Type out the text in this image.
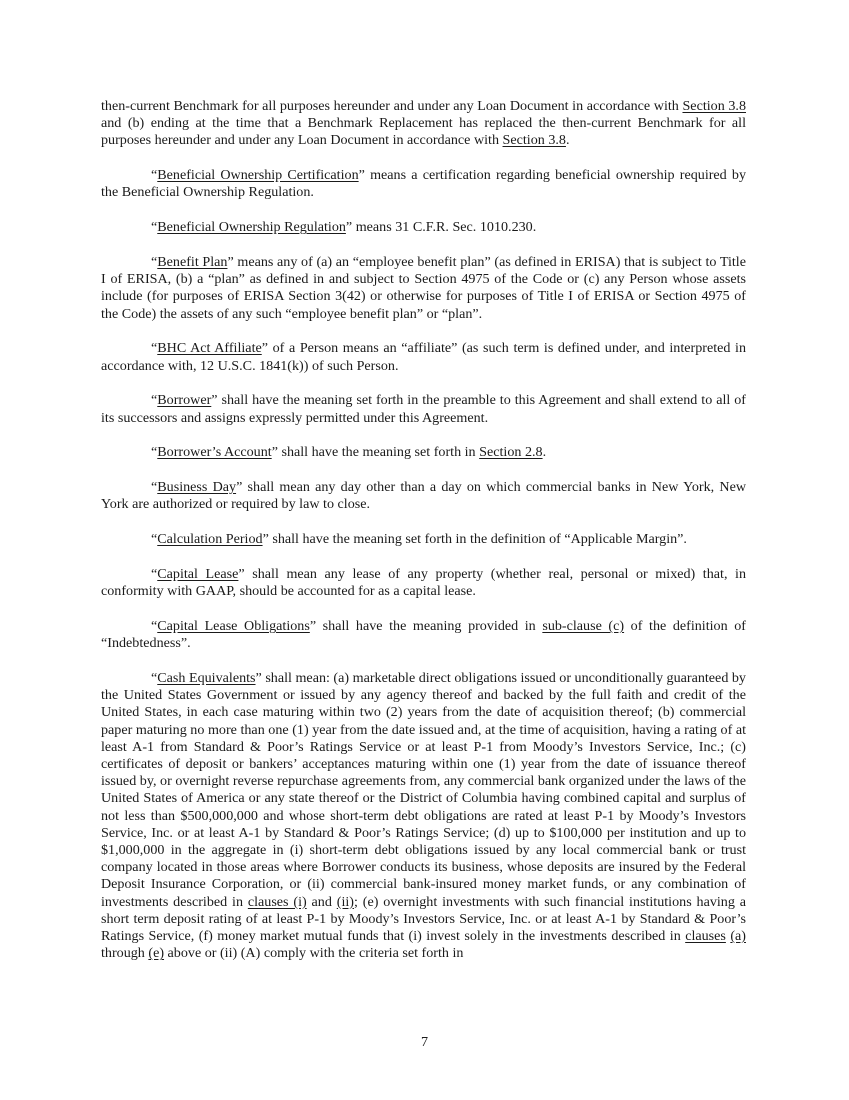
then-current Benchmark for all purposes hereunder and under any Loan Document in accordance with Section 3.8 and (b) ending at the time that a Benchmark Replacement has replaced the then-current Benchmark for all purposes hereunder and under any Loan Document in accordance with Section 3.8.

“Beneficial Ownership Certification” means a certification regarding beneficial ownership required by the Beneficial Ownership Regulation.

“Beneficial Ownership Regulation” means 31 C.F.R. Sec. 1010.230.

“Benefit Plan” means any of (a) an “employee benefit plan” (as defined in ERISA) that is subject to Title I of ERISA, (b) a “plan” as defined in and subject to Section 4975 of the Code or (c) any Person whose assets include (for purposes of ERISA Section 3(42) or otherwise for purposes of Title I of ERISA or Section 4975 of the Code) the assets of any such “employee benefit plan” or “plan”.

“BHC Act Affiliate” of a Person means an “affiliate” (as such term is defined under, and interpreted in accordance with, 12 U.S.C. 1841(k)) of such Person.

“Borrower” shall have the meaning set forth in the preamble to this Agreement and shall extend to all of its successors and assigns expressly permitted under this Agreement.

“Borrower’s Account” shall have the meaning set forth in Section 2.8.

“Business Day” shall mean any day other than a day on which commercial banks in New York, New York are authorized or required by law to close.

“Calculation Period” shall have the meaning set forth in the definition of “Applicable Margin”.

“Capital Lease” shall mean any lease of any property (whether real, personal or mixed) that, in conformity with GAAP, should be accounted for as a capital lease.

“Capital Lease Obligations” shall have the meaning provided in sub-clause (c) of the definition of “Indebtedness”.

“Cash Equivalents” shall mean: (a) marketable direct obligations issued or unconditionally guaranteed by the United States Government or issued by any agency thereof and backed by the full faith and credit of the United States, in each case maturing within two (2) years from the date of acquisition thereof; (b) commercial paper maturing no more than one (1) year from the date issued and, at the time of acquisition, having a rating of at least A-1 from Standard & Poor’s Ratings Service or at least P-1 from Moody’s Investors Service, Inc.; (c) certificates of deposit or bankers’ acceptances maturing within one (1) year from the date of issuance thereof issued by, or overnight reverse repurchase agreements from, any commercial bank organized under the laws of the United States of America or any state thereof or the District of Columbia having combined capital and surplus of not less than $500,000,000 and whose short-term debt obligations are rated at least P-1 by Moody’s Investors Service, Inc. or at least A-1 by Standard & Poor’s Ratings Service; (d) up to $100,000 per institution and up to $1,000,000 in the aggregate in (i) short-term debt obligations issued by any local commercial bank or trust company located in those areas where Borrower conducts its business, whose deposits are insured by the Federal Deposit Insurance Corporation, or (ii) commercial bank-insured money market funds, or any combination of investments described in clauses (i) and (ii); (e) overnight investments with such financial institutions having a short term deposit rating of at least P-1 by Moody’s Investors Service, Inc. or at least A-1 by Standard & Poor’s Ratings Service, (f) money market mutual funds that (i) invest solely in the investments described in clauses (a) through (e) above or (ii) (A) comply with the criteria set forth in

7
